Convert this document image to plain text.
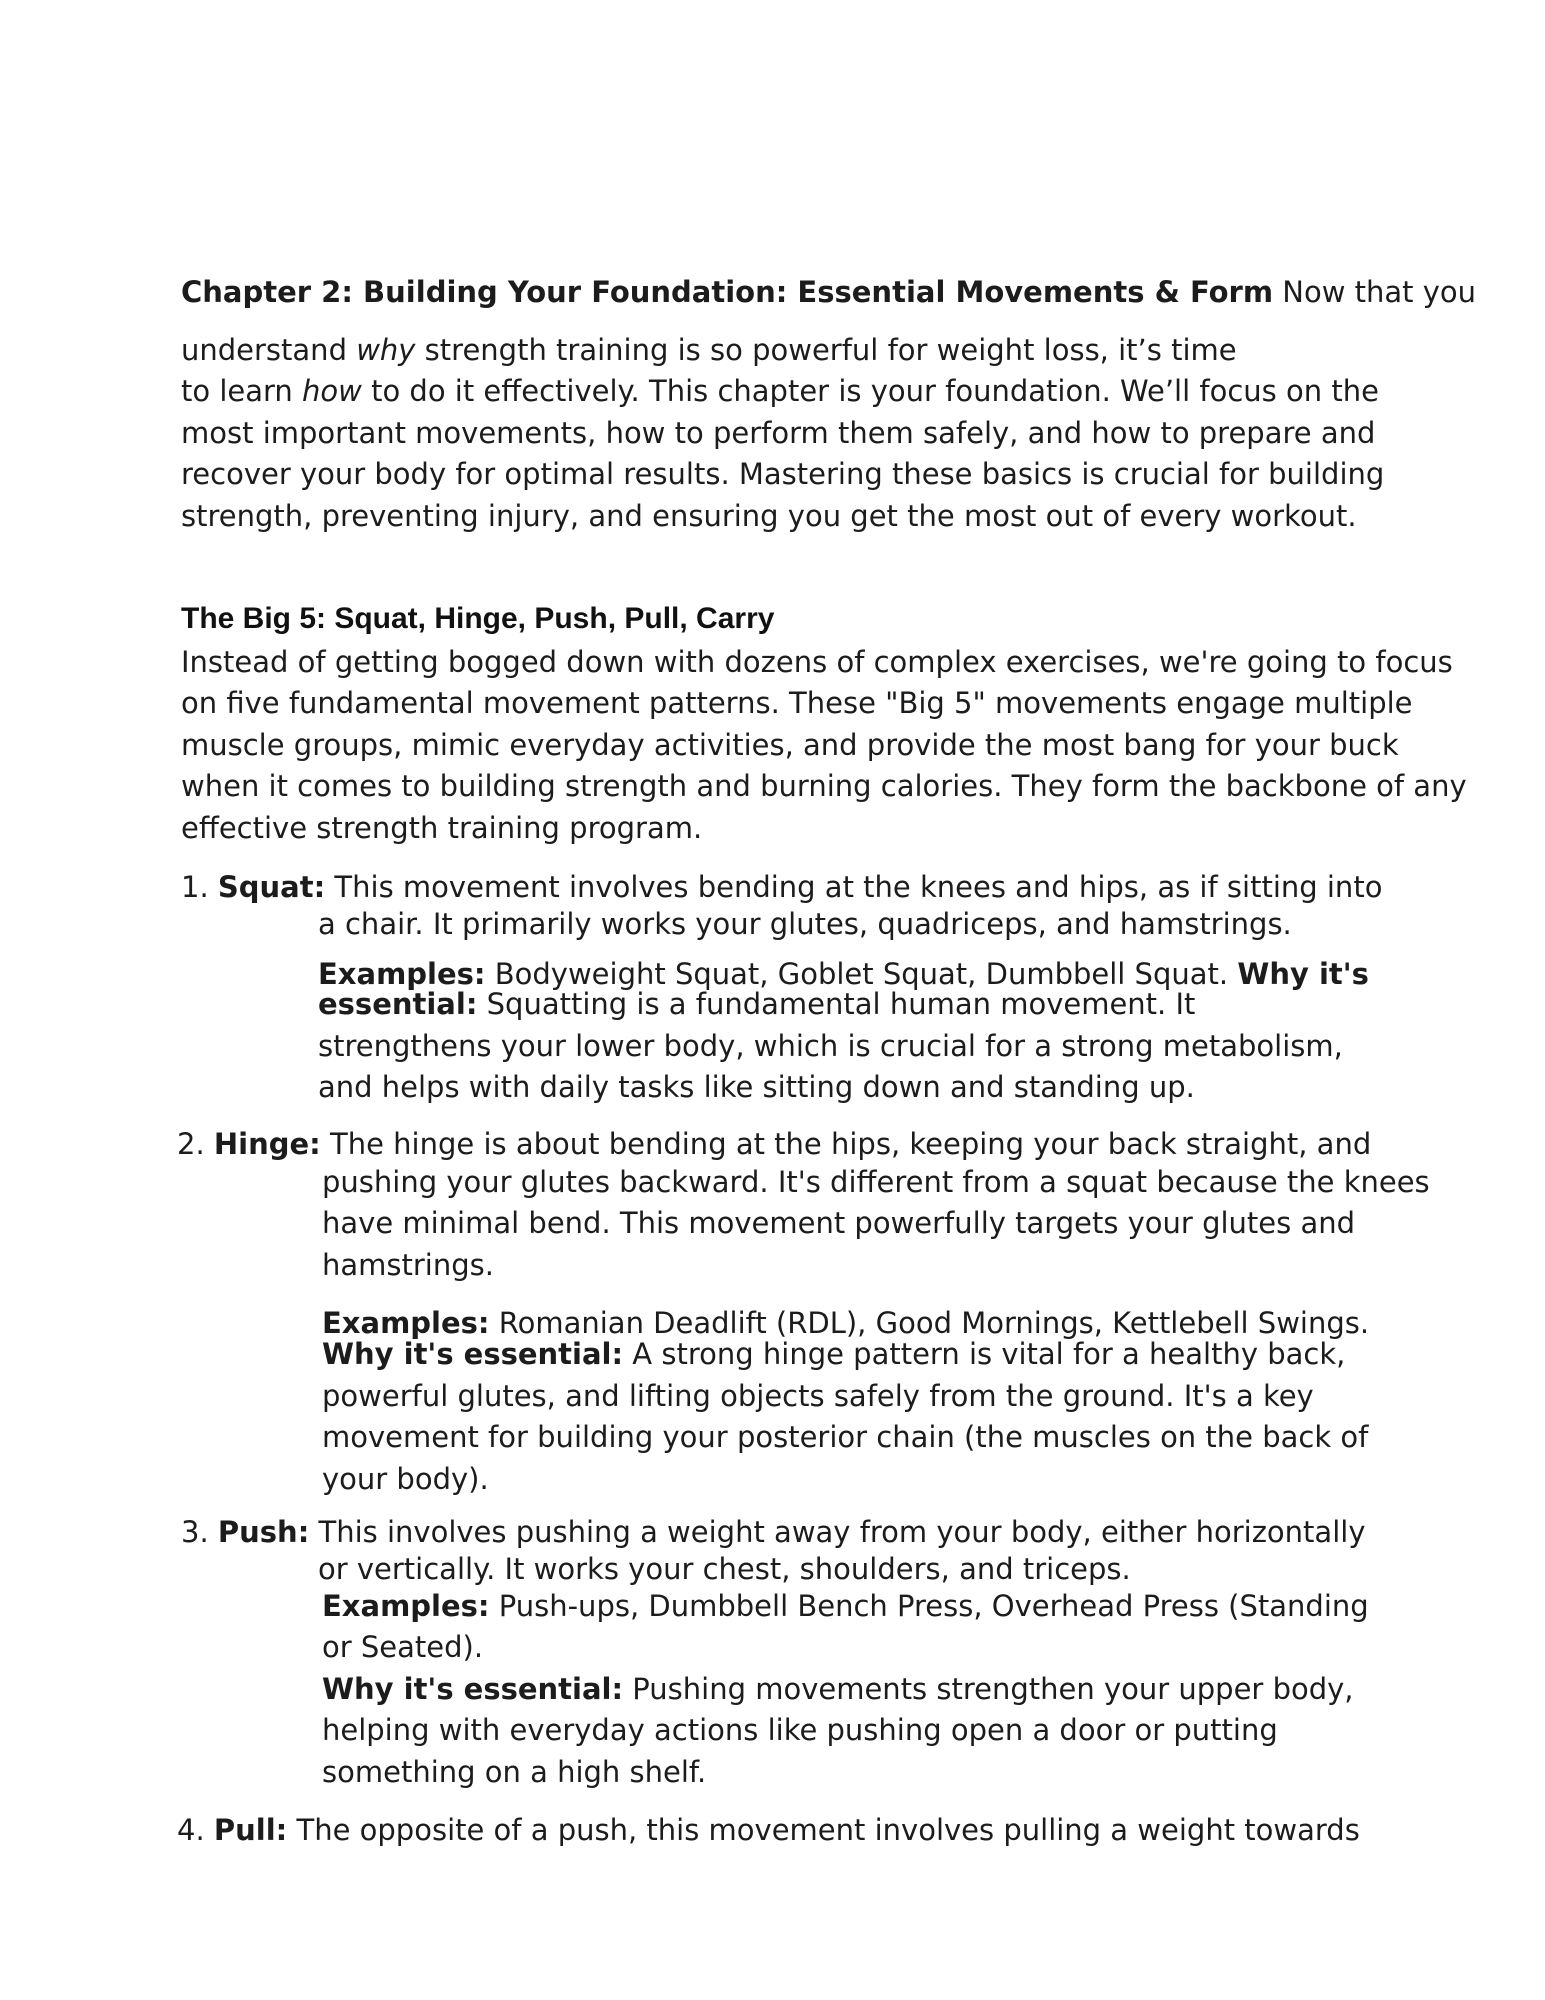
Chapter 2: Building Your Foundation: Essential Movements & Form Now that you
understand why strength training is so powerful for weight loss, it’s time
to learn how to do it effectively. This chapter is your foundation. We’ll focus on the
most important movements, how to perform them safely, and how to prepare and
recover your body for optimal results. Mastering these basics is crucial for building
strength, preventing injury, and ensuring you get the most out of every workout.
The Big 5: Squat, Hinge, Push, Pull, Carry
Instead of getting bogged down with dozens of complex exercises, we're going to focus
on five fundamental movement patterns. These "Big 5" movements engage multiple
muscle groups, mimic everyday activities, and provide the most bang for your buck
when it comes to building strength and burning calories. They form the backbone of any
effective strength training program.
1. Squat: This movement involves bending at the knees and hips, as if sitting into
a chair. It primarily works your glutes, quadriceps, and hamstrings.
Examples: Bodyweight Squat, Goblet Squat, Dumbbell Squat. Why it's
essential: Squatting is a fundamental human movement. It
strengthens your lower body, which is crucial for a strong metabolism,
and helps with daily tasks like sitting down and standing up.
2. Hinge: The hinge is about bending at the hips, keeping your back straight, and
pushing your glutes backward. It's different from a squat because the knees
have minimal bend. This movement powerfully targets your glutes and
hamstrings.
Examples: Romanian Deadlift (RDL), Good Mornings, Kettlebell Swings.
Why it's essential: A strong hinge pattern is vital for a healthy back,
powerful glutes, and lifting objects safely from the ground. It's a key
movement for building your posterior chain (the muscles on the back of
your body).
3. Push: This involves pushing a weight away from your body, either horizontally
or vertically. It works your chest, shoulders, and triceps.
Examples: Push-ups, Dumbbell Bench Press, Overhead Press (Standing
or Seated).
Why it's essential: Pushing movements strengthen your upper body,
helping with everyday actions like pushing open a door or putting
something on a high shelf.
4. Pull: The opposite of a push, this movement involves pulling a weight towards
